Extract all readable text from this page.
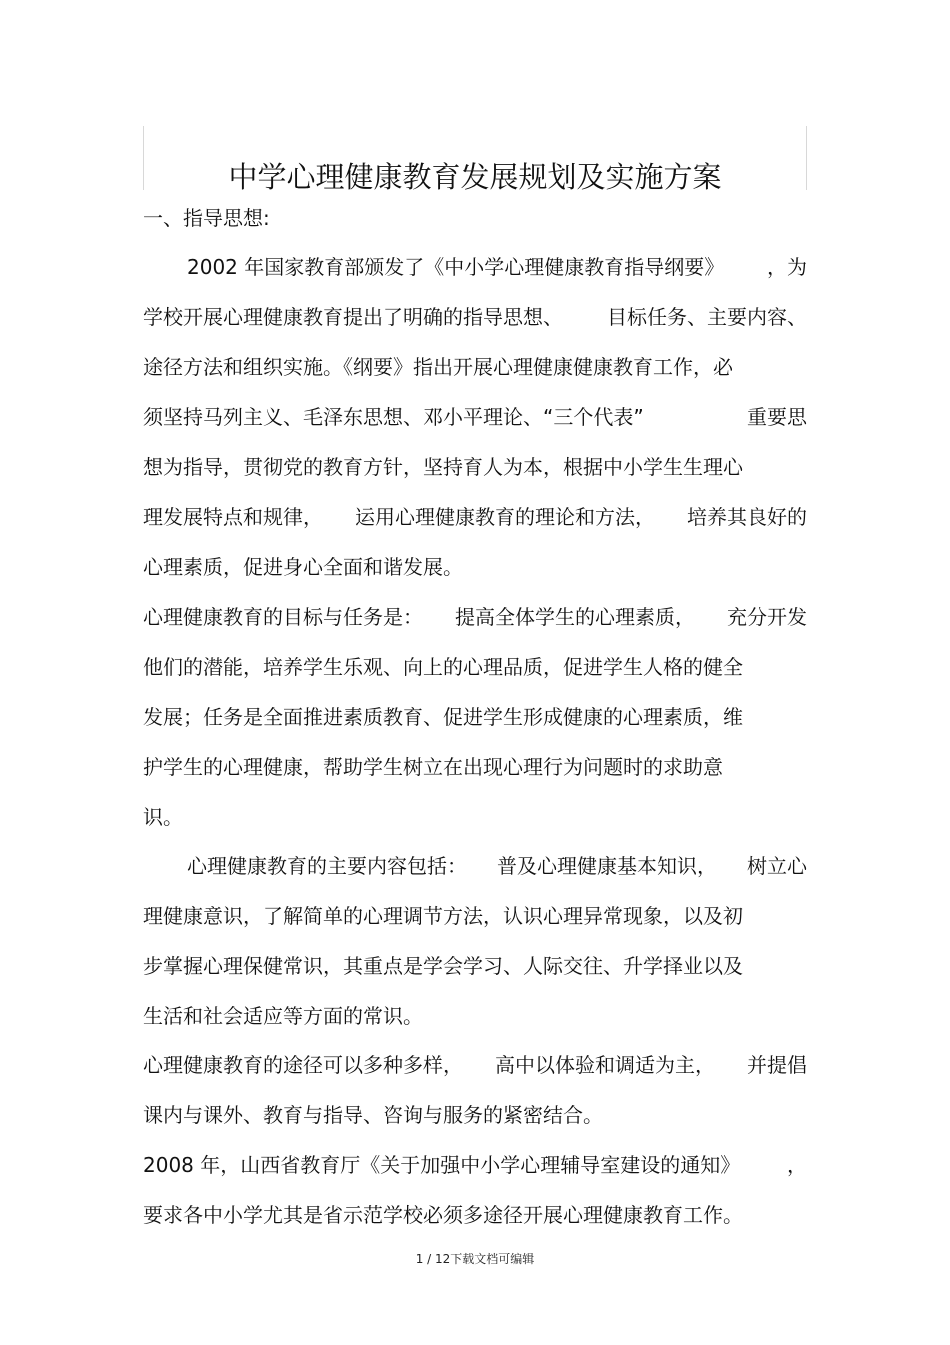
中学心理健康教育发展规划及实施方案
一、指导思想:
2002 年国家教育部颁发了《中小学心理健康教育指导纲要》 ，为
学校开展心理健康教育提出了明确的指导思想、 目标任务、主要内容、
途径方法和组织实施。《纲要》指出开展心理健康健康教育工作，必
须坚持马列主义、毛泽东思想、邓小平理论、“三个代表”	重要思
想为指导，贯彻党的教育方针，坚持育人为本，根据中小学生生理心
理发展特点和规律， 运用心理健康教育的理论和方法， 培养其良好的
心理素质，促进身心全面和谐发展。
心理健康教育的目标与任务是： 提高全体学生的心理素质， 充分开发
他们的潜能，培养学生乐观、向上的心理品质，促进学生人格的健全
发展；任务是全面推进素质教育、促进学生形成健康的心理素质，维
护学生的心理健康，帮助学生树立在出现心理行为问题时的求助意
识。
心理健康教育的主要内容包括： 普及心理健康基本知识， 树立心
理健康意识，了解简单的心理调节方法，认识心理异常现象，以及初
步掌握心理保健常识，其重点是学会学习、人际交往、升学择业以及
生活和社会适应等方面的常识。
心理健康教育的途径可以多种多样， 高中以体验和调适为主， 并提倡
课内与课外、教育与指导、咨询与服务的紧密结合。
2008 年，山西省教育厅《关于加强中小学心理辅导室建设的通知》 ，
要求各中小学尤其是省示范学校必须多途径开展心理健康教育工作。
1 / 12下载文档可编辑
